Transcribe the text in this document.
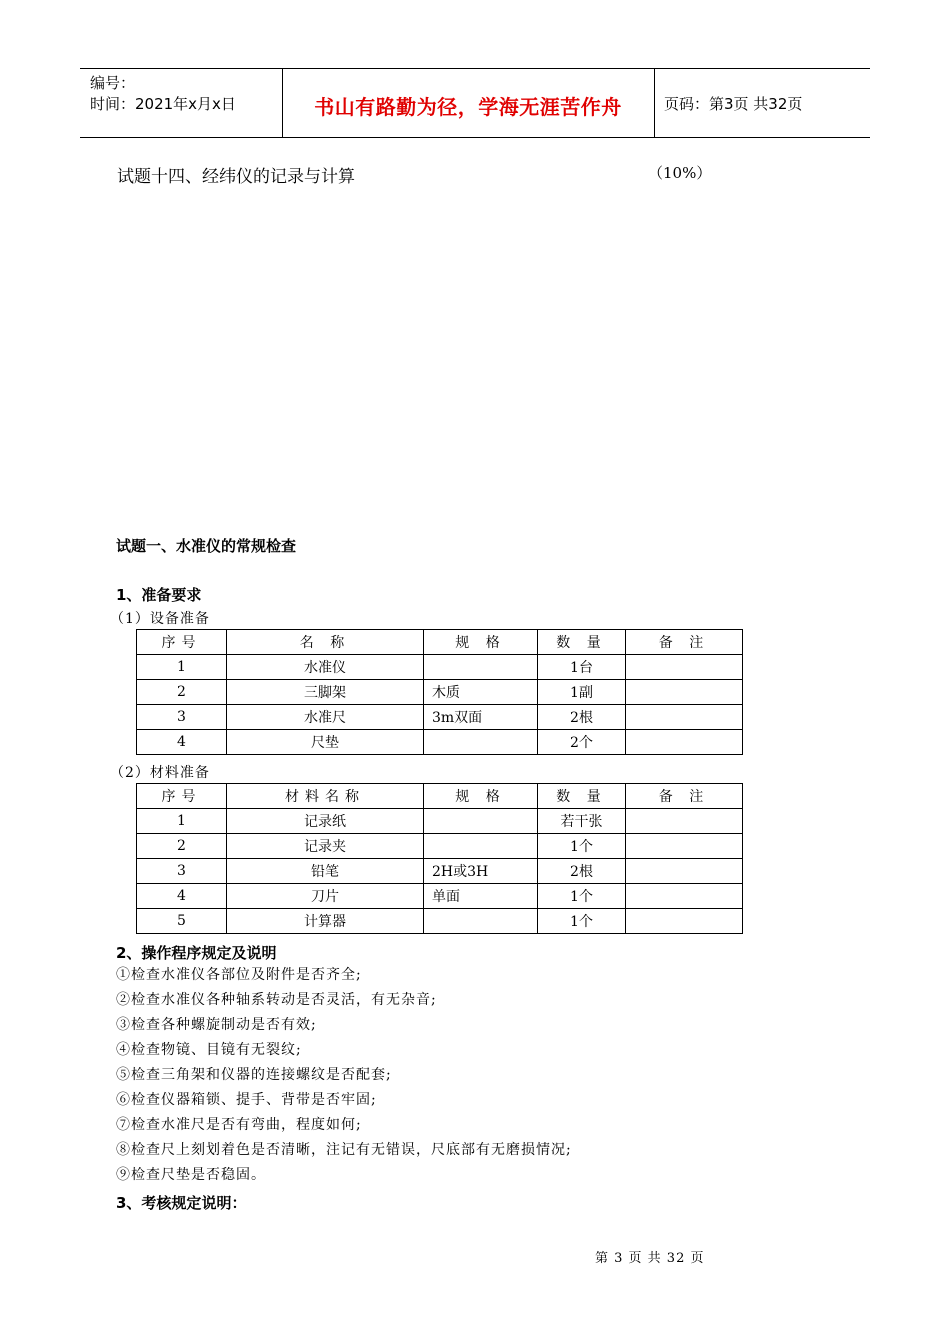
编号：
时间：2021年x月x日	书山有路勤为径，学海无涯苦作舟	页码：第3页 共32页
试题十四、经纬仪的记录与计算	（10%）
试题一、水准仪的常规检查
1、准备要求
（1）设备准备
序号	名 称	规 格	数 量	备 注
1	水准仪		1台	
2	三脚架	木质	1副	
3	水准尺	3m双面	2根	
4	尺垫		2个	
（2）材料准备
序号	材料名称	规 格	数 量	备 注
1	记录纸		若干张	
2	记录夹		1个	
3	铅笔	2H或3H	2根	
4	刀片	单面	1个	
5	计算器		1个	
2、操作程序规定及说明
①检查水准仪各部位及附件是否齐全;
②检查水准仪各种轴系转动是否灵活，有无杂音;
③检查各种螺旋制动是否有效;
④检查物镜、目镜有无裂纹;
⑤检查三角架和仪器的连接螺纹是否配套;
⑥检查仪器箱锁、提手、背带是否牢固;
⑦检查水准尺是否有弯曲，程度如何;
⑧检查尺上刻划着色是否清晰，注记有无错误，尺底部有无磨损情况;
⑨检查尺垫是否稳固。
3、考核规定说明：
第 3 页 共 32 页
